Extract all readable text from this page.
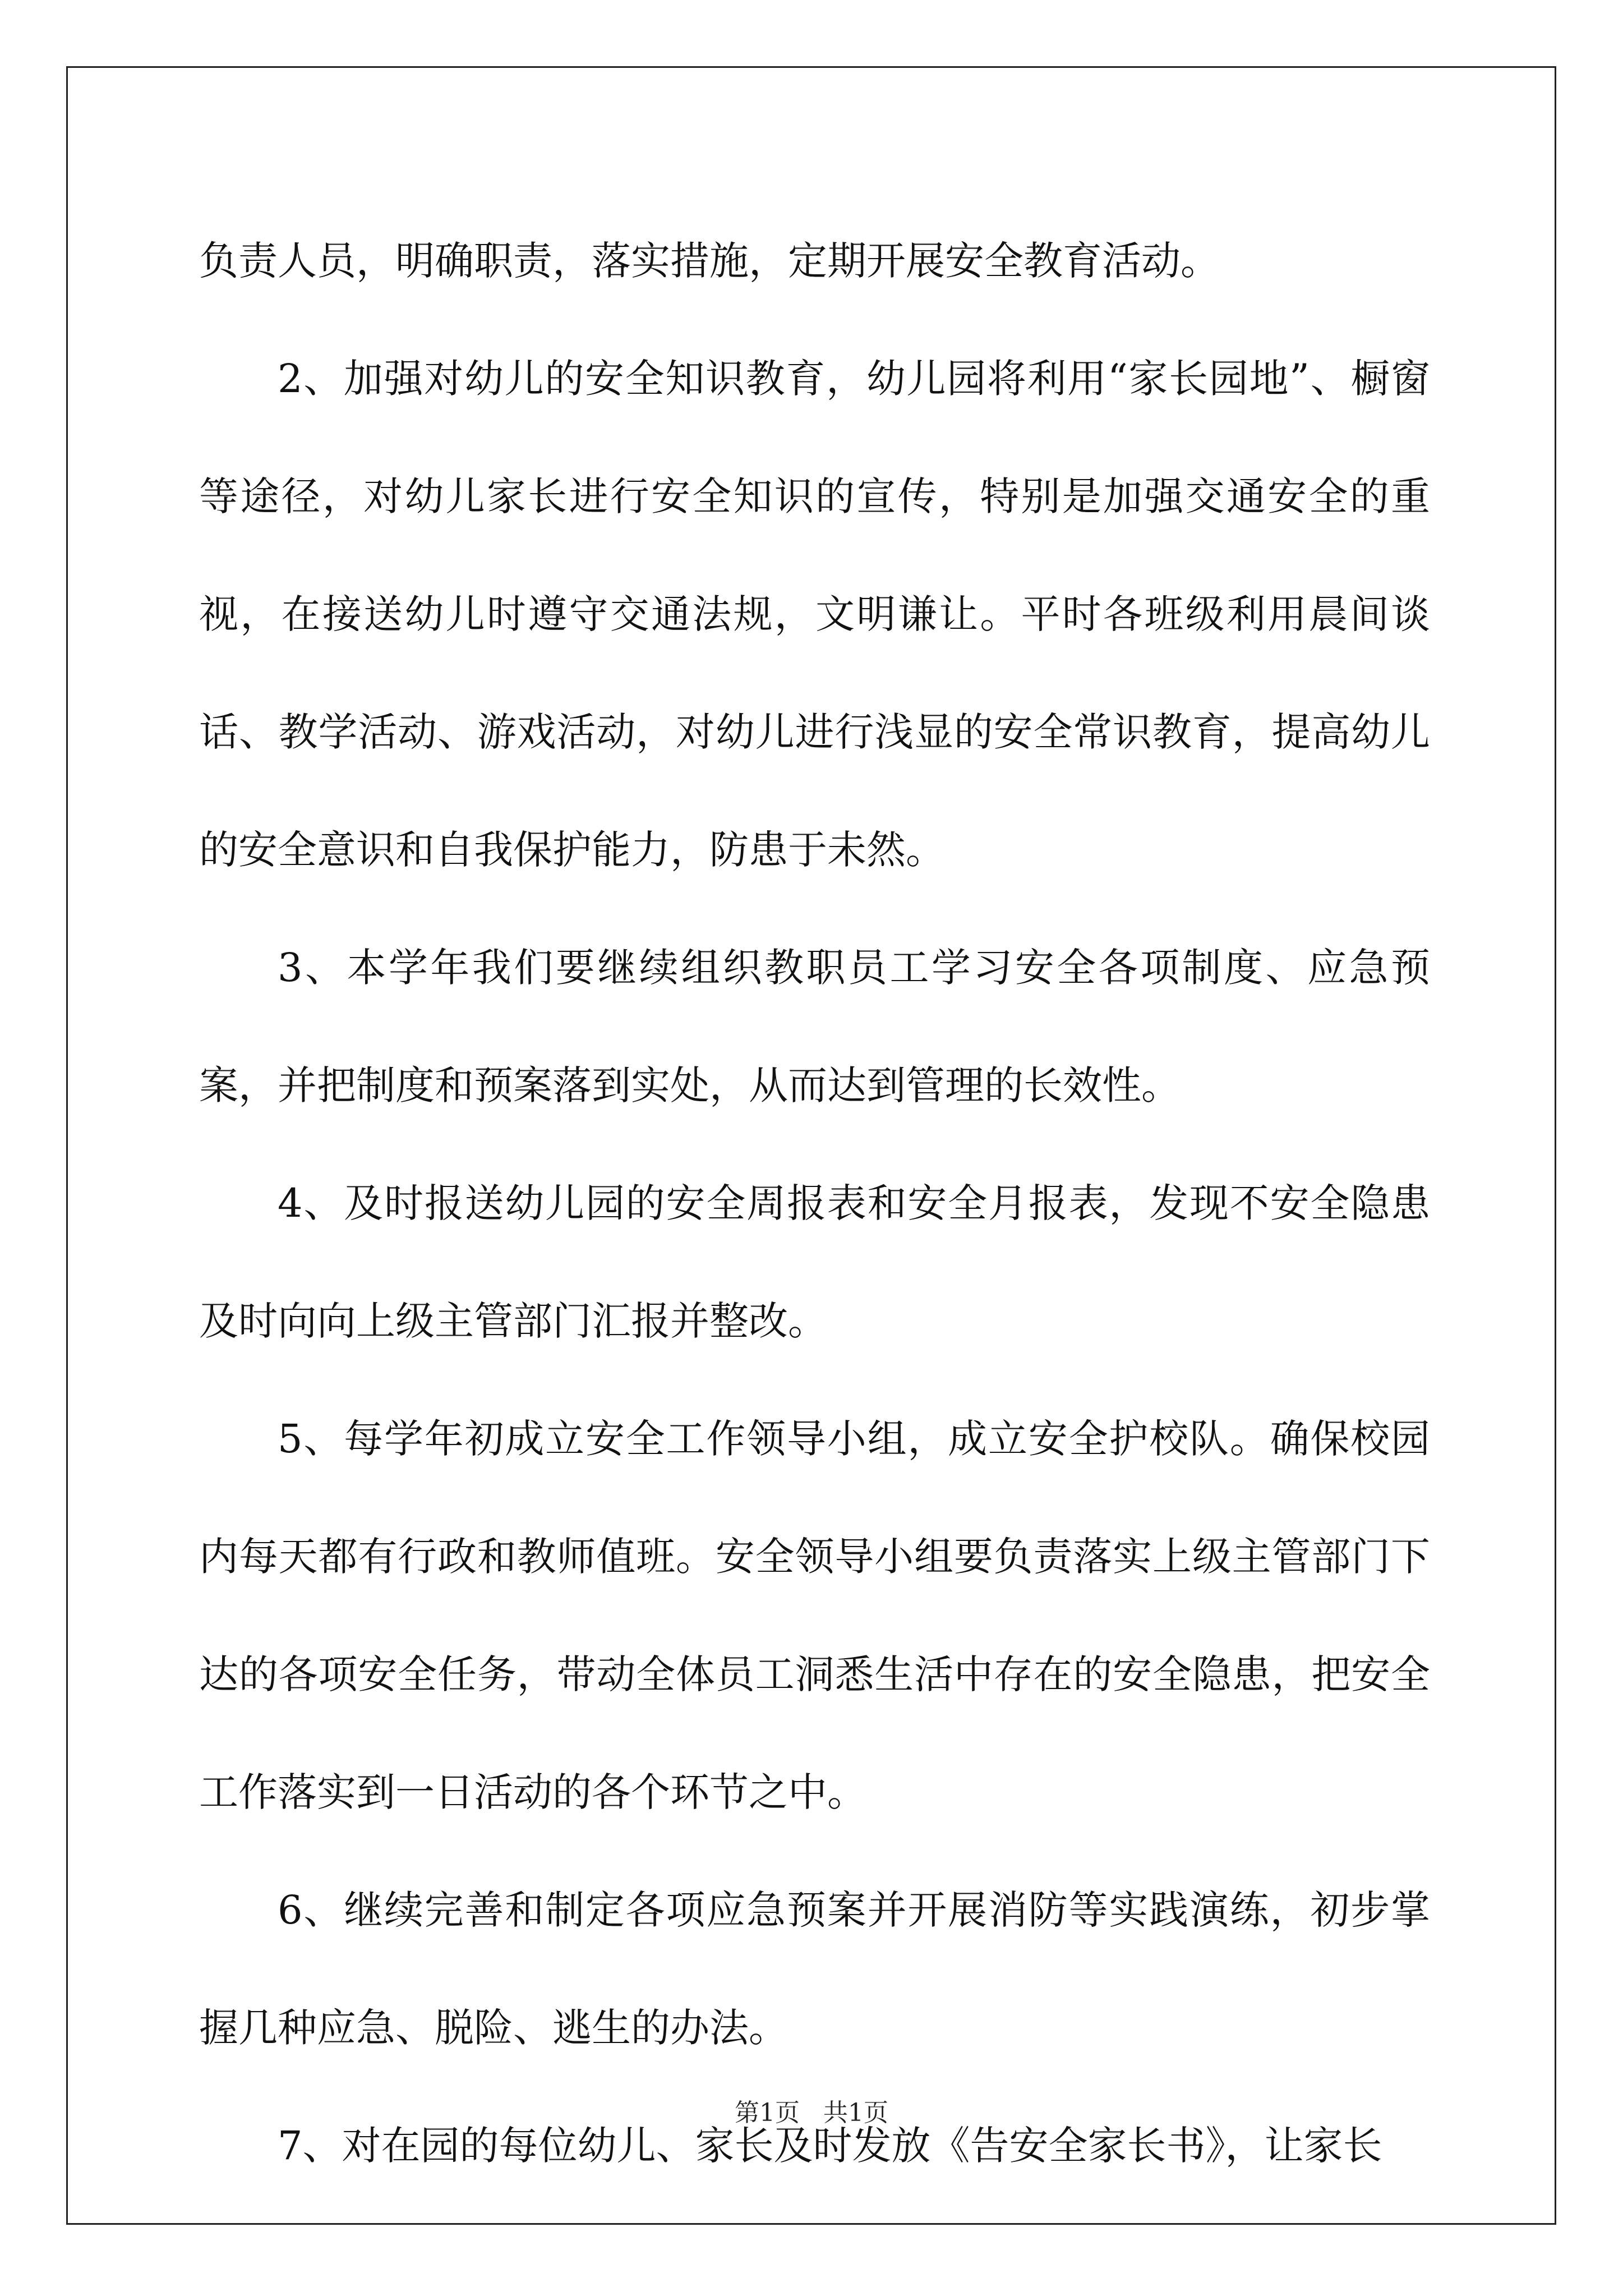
负责人员，明确职责，落实措施，定期开展安全教育活动。

2、加强对幼儿的安全知识教育，幼儿园将利用“家长园地”、橱窗等途径，对幼儿家长进行安全知识的宣传，特别是加强交通安全的重视，在接送幼儿时遵守交通法规，文明谦让。平时各班级利用晨间谈话、教学活动、游戏活动，对幼儿进行浅显的安全常识教育，提高幼儿的安全意识和自我保护能力，防患于未然。

3、本学年我们要继续组织教职员工学习安全各项制度、应急预案，并把制度和预案落到实处，从而达到管理的长效性。

4、及时报送幼儿园的安全周报表和安全月报表，发现不安全隐患及时向向上级主管部门汇报并整改。

5、每学年初成立安全工作领导小组，成立安全护校队。确保校园内每天都有行政和教师值班。安全领导小组要负责落实上级主管部门下达的各项安全任务，带动全体员工洞悉生活中存在的安全隐患，把安全工作落实到一日活动的各个环节之中。

6、继续完善和制定各项应急预案并开展消防等实践演练，初步掌握几种应急、脱险、逃生的办法。

7、对在园的每位幼儿、家长及时发放《告安全家长书》，让家长

第1页 共1页
